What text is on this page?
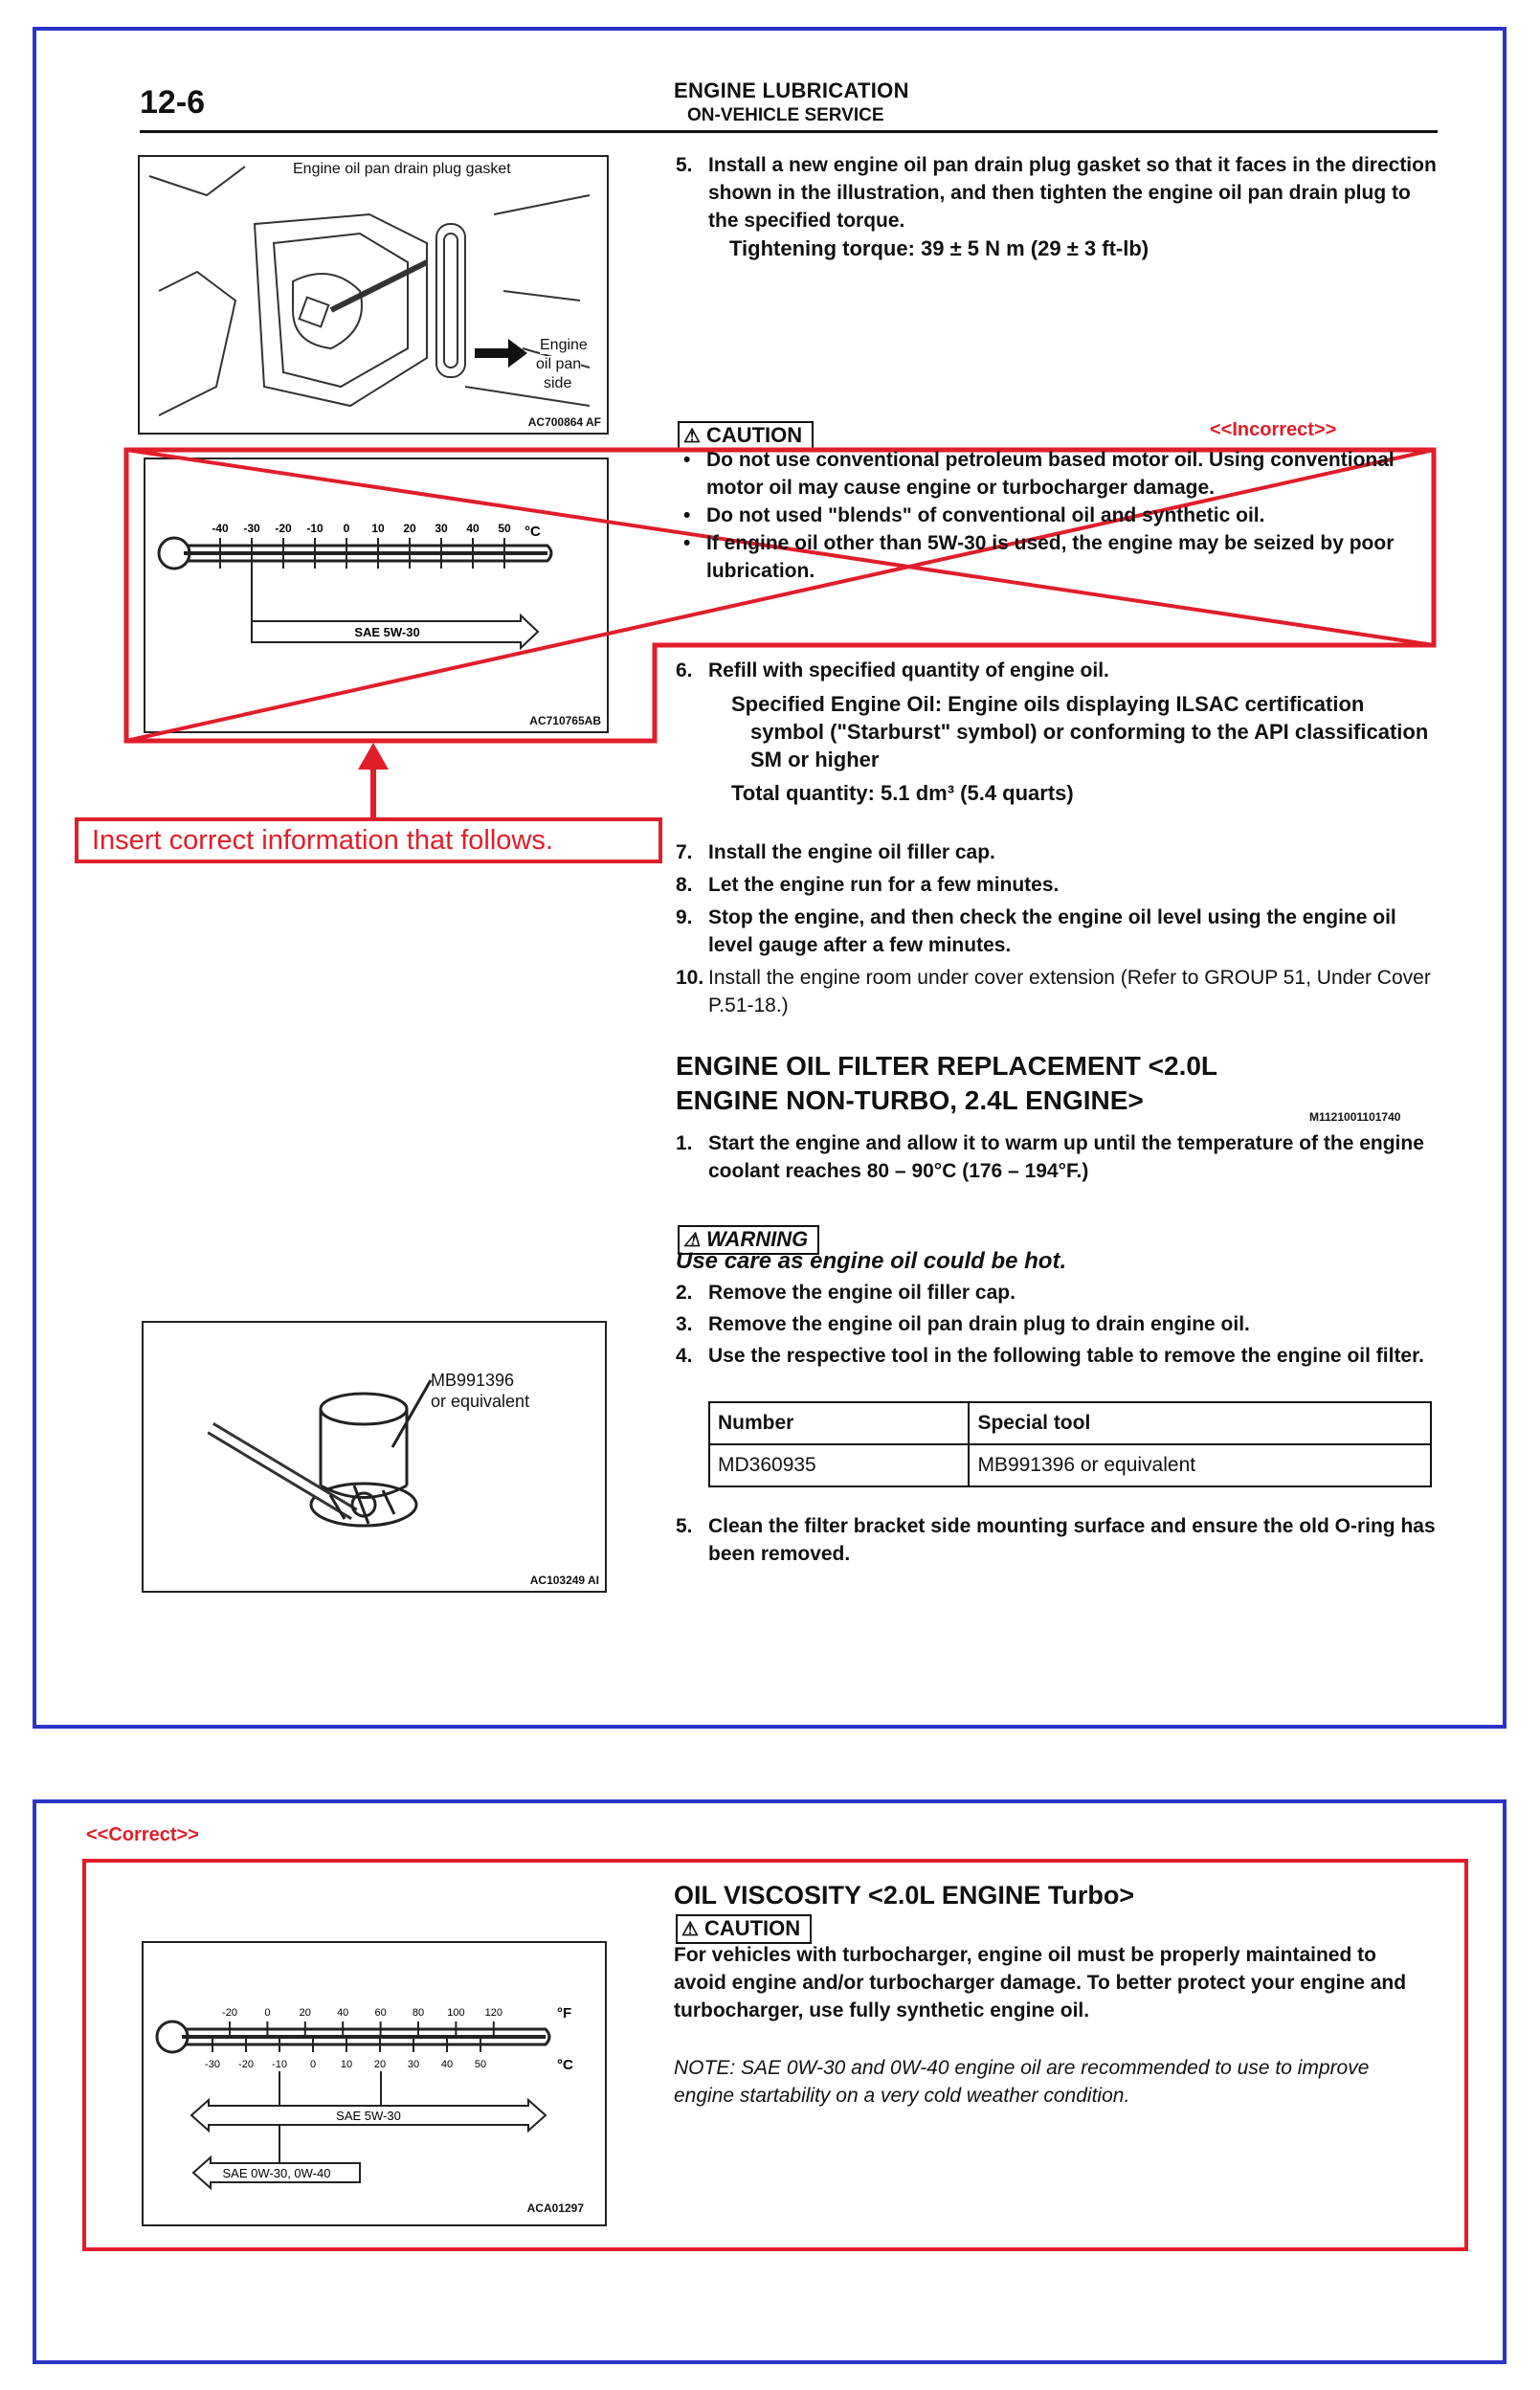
12-6	ENGINE LUBRICATION
ON-VEHICLE SERVICE
Engine oil pan drain plug gasket
Engine
oil pan
side
AC700864 AF
5. Install a new engine oil pan drain plug gasket so that it faces in the direction shown in the illustration, and then tighten the engine oil pan drain plug to the specified torque.
Tightening torque: 39 ± 5 N m (29 ± 3 ft-lb)
⚠ CAUTION	<<Incorrect>>
-40 -30 -20 -10 0 10 20 30 40 50 °C
SAE 5W-30
AC710765AB
• Do not use conventional petroleum based motor oil. Using conventional motor oil may cause engine or turbocharger damage.
• Do not used "blends" of conventional oil and synthetic oil.
• If engine oil other than 5W-30 is used, the engine may be seized by poor lubrication.
Insert correct information that follows.
6. Refill with specified quantity of engine oil.
Specified Engine Oil: Engine oils displaying ILSAC certification symbol ("Starburst" symbol) or conforming to the API classification SM or higher
Total quantity: 5.1 dm³ (5.4 quarts)
7. Install the engine oil filler cap.
8. Let the engine run for a few minutes.
9. Stop the engine, and then check the engine oil level using the engine oil level gauge after a few minutes.
10. Install the engine room under cover extension (Refer to GROUP 51, Under Cover P.51-18.)
ENGINE OIL FILTER REPLACEMENT <2.0L
ENGINE NON-TURBO, 2.4L ENGINE>
M1121001101740
1. Start the engine and allow it to warm up until the temperature of the engine coolant reaches 80 – 90°C (176 – 194°F.)
⚠ WARNING
Use care as engine oil could be hot.
2. Remove the engine oil filler cap.
3. Remove the engine oil pan drain plug to drain engine oil.
4. Use the respective tool in the following table to remove the engine oil filter.
Number	Special tool
MD360935	MB991396 or equivalent
5. Clean the filter bracket side mounting surface and ensure the old O-ring has been removed.
MB991396
or equivalent
AC103249 AI
<<Correct>>
OIL VISCOSITY <2.0L ENGINE Turbo>
⚠ CAUTION
For vehicles with turbocharger, engine oil must be properly maintained to avoid engine and/or turbocharger damage. To better protect your engine and turbocharger, use fully synthetic engine oil.
NOTE: SAE 0W-30 and 0W-40 engine oil are recommended to use to improve engine startability on a very cold weather condition.
-30 -20 -10 0 10 20 30 40 50
-20	0	20 40 60 80 100 120	°F
°C
SAE 5W-30
SAE 0W-30, 0W-40
ACA01297
